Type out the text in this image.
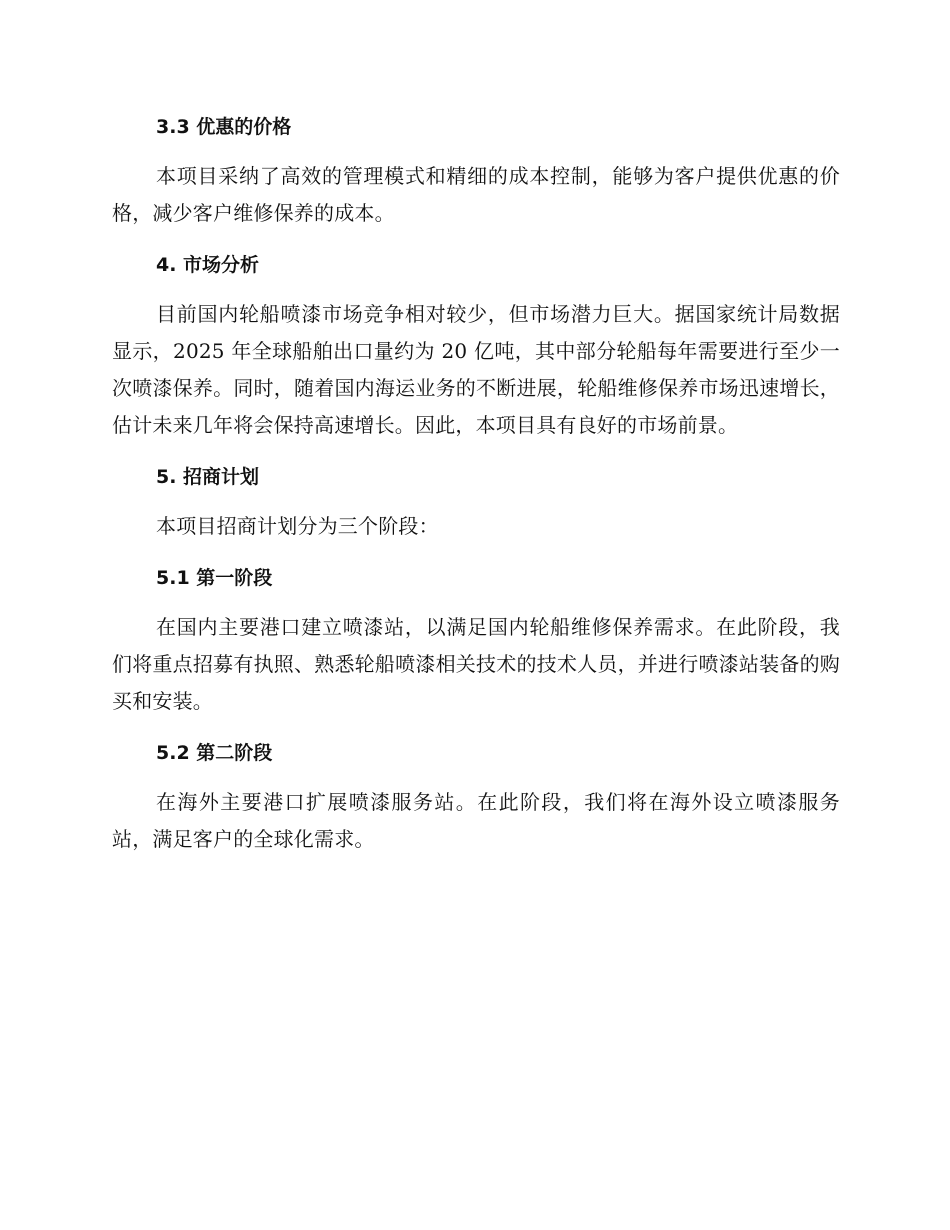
3.3 优惠的价格

本项目采纳了高效的管理模式和精细的成本控制，能够为客户提供优惠的价格，减少客户维修保养的成本。

4. 市场分析

目前国内轮船喷漆市场竞争相对较少，但市场潜力巨大。据国家统计局数据显示，2025 年全球船舶出口量约为 20 亿吨，其中部分轮船每年需要进行至少一次喷漆保养。同时，随着国内海运业务的不断进展，轮船维修保养市场迅速增长，估计未来几年将会保持高速增长。因此，本项目具有良好的市场前景。

5. 招商计划

本项目招商计划分为三个阶段：

5.1 第一阶段

在国内主要港口建立喷漆站，以满足国内轮船维修保养需求。在此阶段，我们将重点招募有执照、熟悉轮船喷漆相关技术的技术人员，并进行喷漆站装备的购买和安装。

5.2 第二阶段

在海外主要港口扩展喷漆服务站。在此阶段，我们将在海外设立喷漆服务站，满足客户的全球化需求。
